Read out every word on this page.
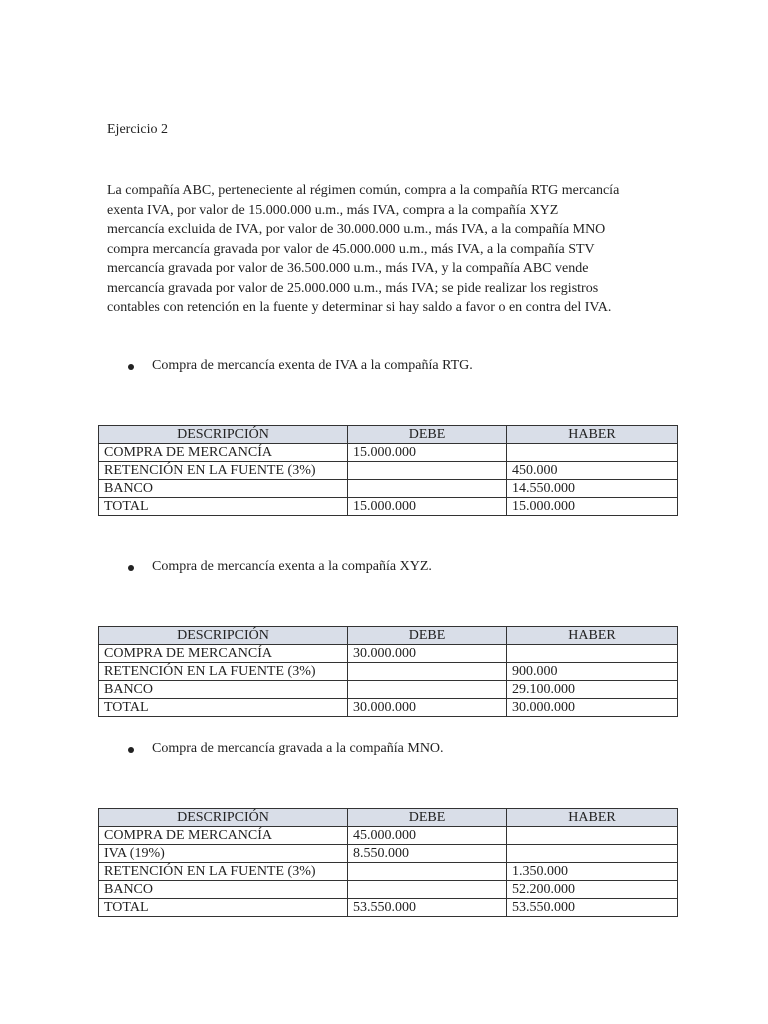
Ejercicio 2
La compañía ABC, perteneciente al régimen común, compra a la compañía RTG mercancía
exenta IVA, por valor de 15.000.000 u.m., más IVA, compra a la compañía XYZ
mercancía excluida de IVA, por valor de 30.000.000 u.m., más IVA, a la compañía MNO
compra mercancía gravada por valor de 45.000.000 u.m., más IVA, a la compañía STV
mercancía gravada por valor de 36.500.000 u.m., más IVA, y la compañía ABC vende
mercancía gravada por valor de 25.000.000 u.m., más IVA; se pide realizar los registros
contables con retención en la fuente y determinar si hay saldo a favor o en contra del IVA.
Compra de mercancía exenta de IVA a la compañía RTG.
DESCRIPCIÓN	DEBE	HABER
COMPRA DE MERCANCÍA	15.000.000	
RETENCIÓN EN LA FUENTE (3%)		450.000
BANCO		14.550.000
TOTAL	15.000.000	15.000.000
Compra de mercancía exenta a la compañía XYZ.
DESCRIPCIÓN	DEBE	HABER
COMPRA DE MERCANCÍA	30.000.000	
RETENCIÓN EN LA FUENTE (3%)		900.000
BANCO		29.100.000
TOTAL	30.000.000	30.000.000
Compra de mercancía gravada a la compañía MNO.
DESCRIPCIÓN	DEBE	HABER
COMPRA DE MERCANCÍA	45.000.000	
IVA (19%)	8.550.000	
RETENCIÓN EN LA FUENTE (3%)		1.350.000
BANCO		52.200.000
TOTAL	53.550.000	53.550.000
